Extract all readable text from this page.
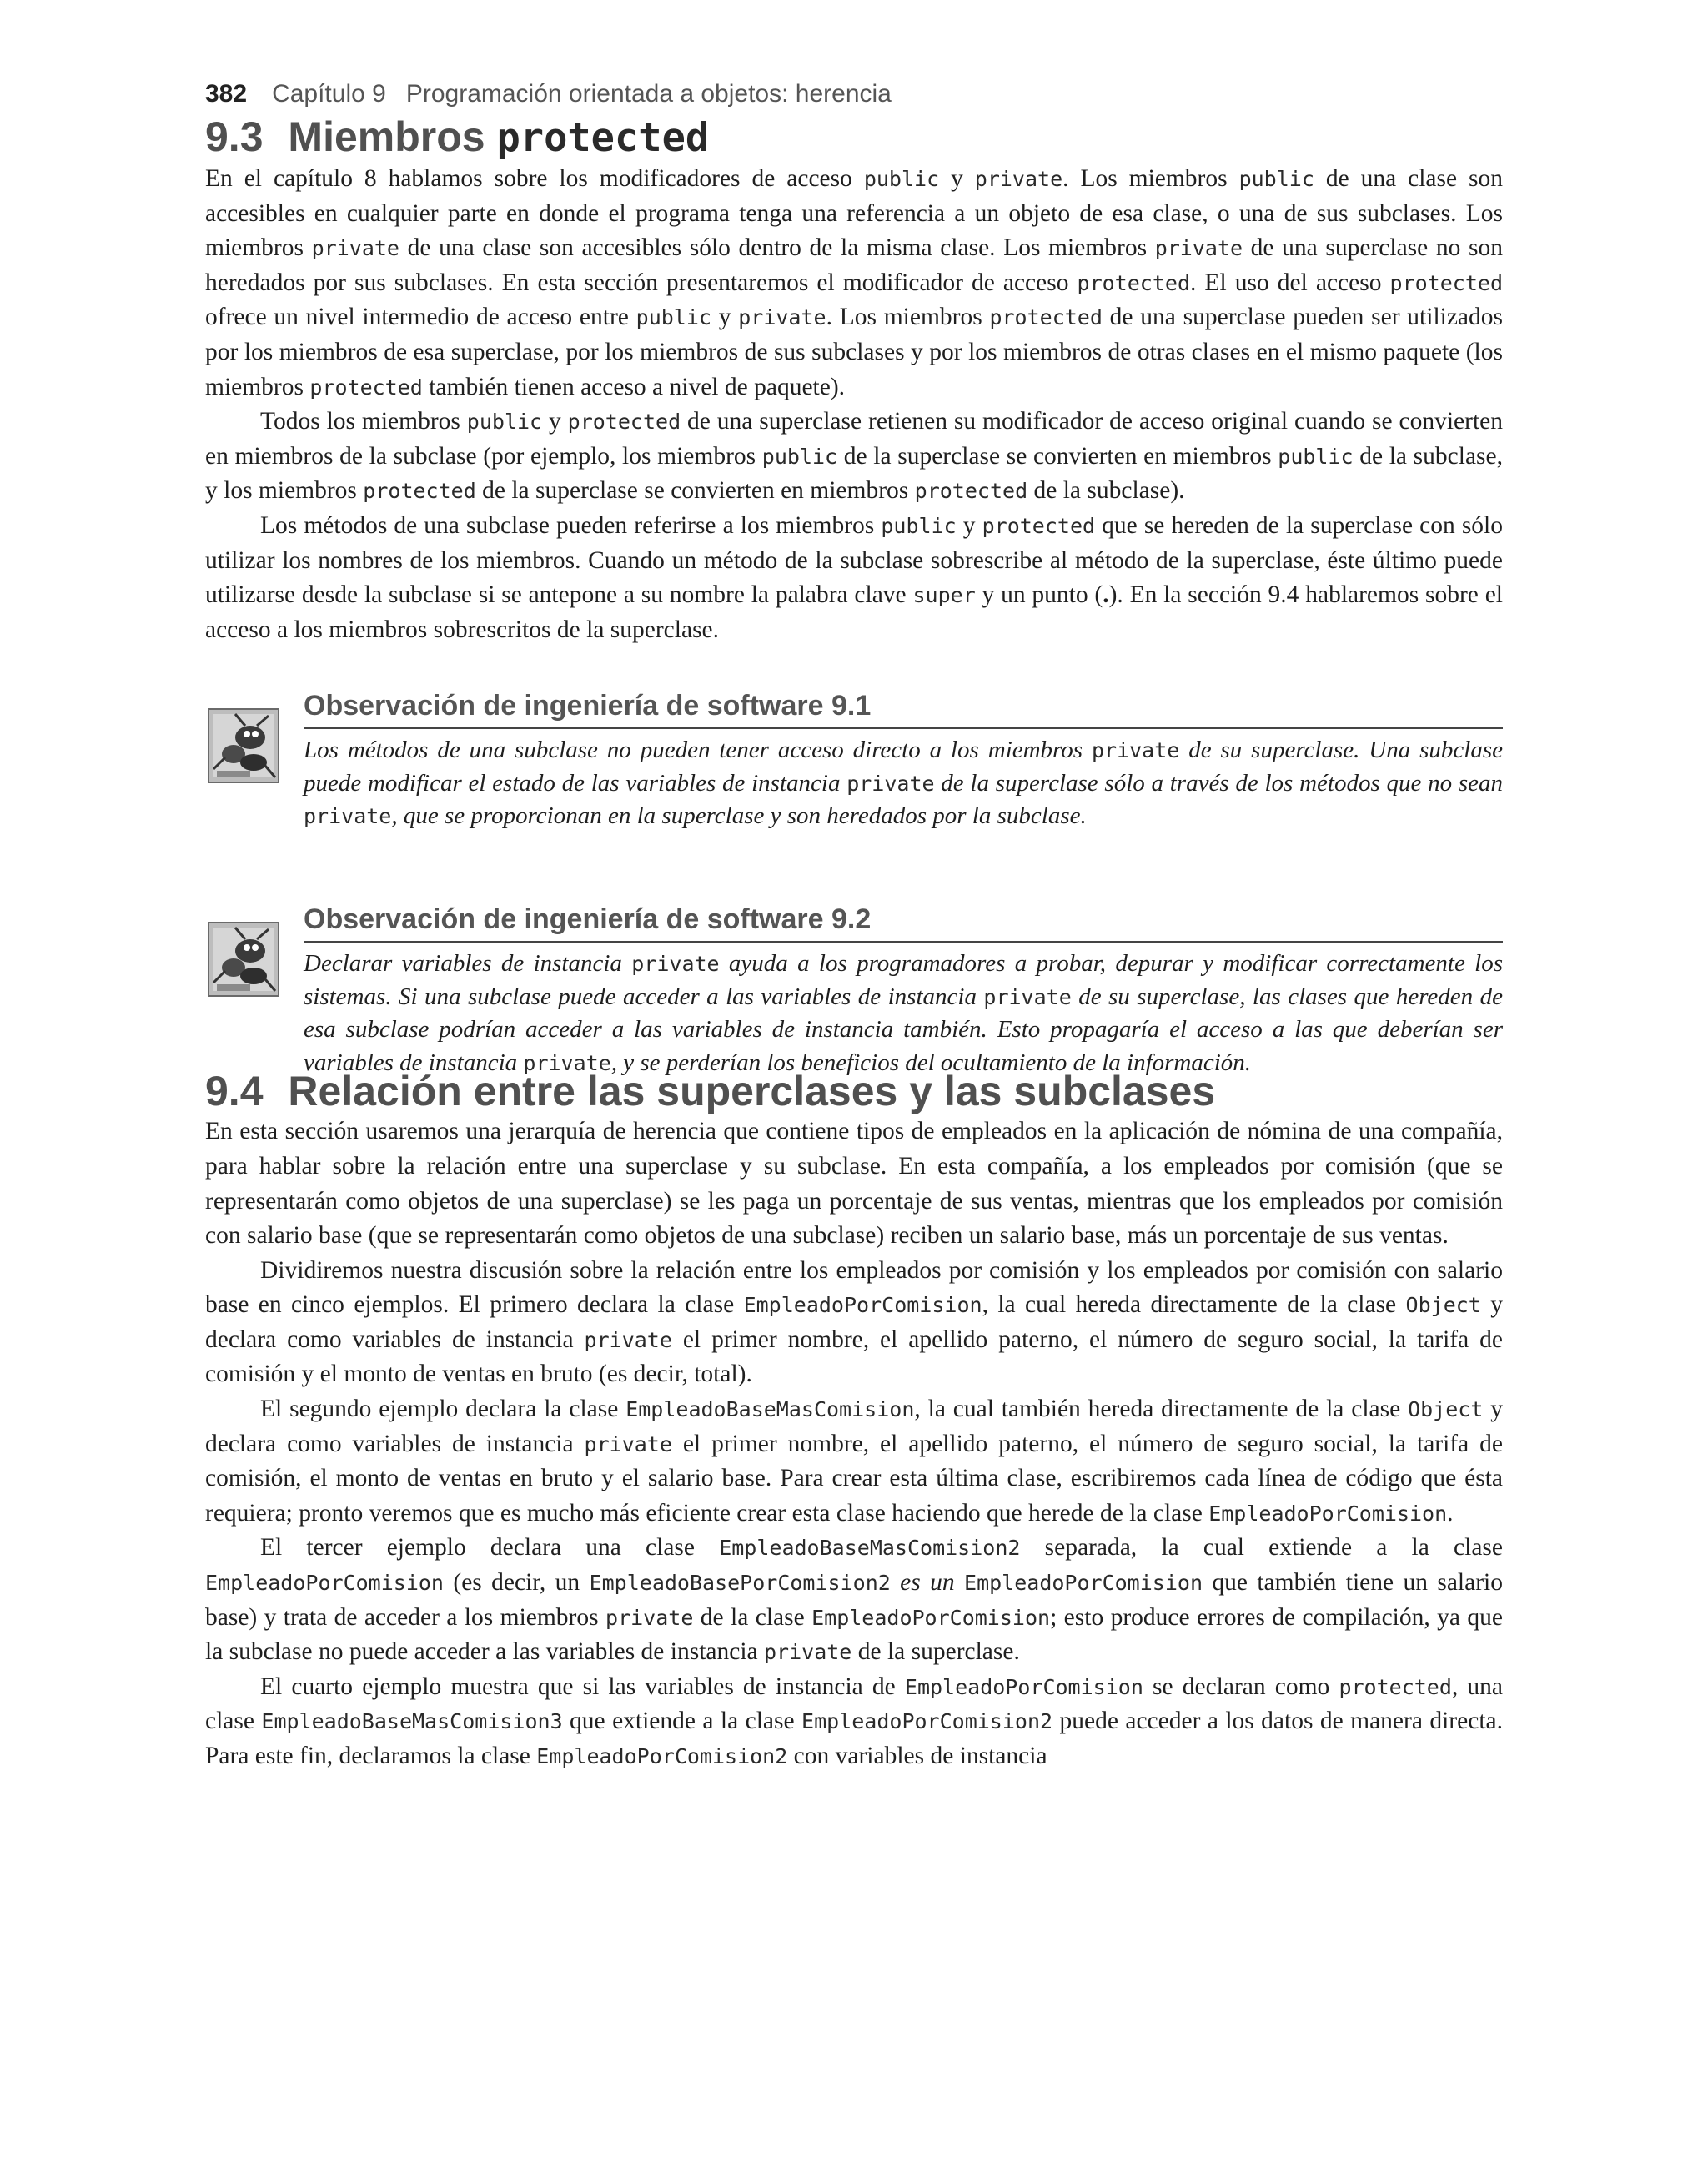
382 Capítulo 9 Programación orientada a objetos: herencia
9.3 Miembros protected

En el capítulo 8 hablamos sobre los modificadores de acceso public y private. Los miembros public de una clase son accesibles en cualquier parte en donde el programa tenga una referencia a un objeto de esa clase, o una de sus subclases. Los miembros private de una clase son accesibles sólo dentro de la misma clase. Los miembros private de una superclase no son heredados por sus subclases. En esta sección presentaremos el modificador de acceso protected. El uso del acceso protected ofrece un nivel intermedio de acceso entre public y private. Los miembros protected de una superclase pueden ser utilizados por los miembros de esa superclase, por los miembros de sus subclases y por los miembros de otras clases en el mismo paquete (los miembros protected también tienen acceso a nivel de paquete).

Todos los miembros public y protected de una superclase retienen su modificador de acceso original cuando se convierten en miembros de la subclase (por ejemplo, los miembros public de la superclase se convierten en miembros public de la subclase, y los miembros protected de la superclase se convierten en miembros protected de la subclase).

Los métodos de una subclase pueden referirse a los miembros public y protected que se hereden de la superclase con sólo utilizar los nombres de los miembros. Cuando un método de la subclase sobrescribe al método de la superclase, éste último puede utilizarse desde la subclase si se antepone a su nombre la palabra clave super y un punto (.). En la sección 9.4 hablaremos sobre el acceso a los miembros sobrescritos de la superclase.

Observación de ingeniería de software 9.1
Los métodos de una subclase no pueden tener acceso directo a los miembros private de su superclase. Una subclase puede modificar el estado de las variables de instancia private de la superclase sólo a través de los métodos que no sean private, que se proporcionan en la superclase y son heredados por la subclase.
Observación de ingeniería de software 9.2
Declarar variables de instancia private ayuda a los programadores a probar, depurar y modificar correctamente los sistemas. Si una subclase puede acceder a las variables de instancia private de su superclase, las clases que hereden de esa subclase podrían acceder a las variables de instancia también. Esto propagaría el acceso a las que deberían ser variables de instancia private, y se perderían los beneficios del ocultamiento de la información.
9.4 Relación entre las superclases y las subclases

En esta sección usaremos una jerarquía de herencia que contiene tipos de empleados en la aplicación de nómina de una compañía, para hablar sobre la relación entre una superclase y su subclase. En esta compañía, a los empleados por comisión (que se representarán como objetos de una superclase) se les paga un porcentaje de sus ventas, mientras que los empleados por comisión con salario base (que se representarán como objetos de una subclase) reciben un salario base, más un porcentaje de sus ventas.

Dividiremos nuestra discusión sobre la relación entre los empleados por comisión y los empleados por comisión con salario base en cinco ejemplos. El primero declara la clase EmpleadoPorComision, la cual hereda directamente de la clase Object y declara como variables de instancia private el primer nombre, el apellido paterno, el número de seguro social, la tarifa de comisión y el monto de ventas en bruto (es decir, total).

El segundo ejemplo declara la clase EmpleadoBaseMasComision, la cual también hereda directamente de la clase Object y declara como variables de instancia private el primer nombre, el apellido paterno, el número de seguro social, la tarifa de comisión, el monto de ventas en bruto y el salario base. Para crear esta última clase, escribiremos cada línea de código que ésta requiera; pronto veremos que es mucho más eficiente crear esta clase haciendo que herede de la clase EmpleadoPorComision.

El tercer ejemplo declara una clase EmpleadoBaseMasComision2 separada, la cual extiende a la clase EmpleadoPorComision (es decir, un EmpleadoBasePorComision2 es un EmpleadoPorComision que también tiene un salario base) y trata de acceder a los miembros private de la clase EmpleadoPorComision; esto produce errores de compilación, ya que la subclase no puede acceder a las variables de instancia private de la superclase.

El cuarto ejemplo muestra que si las variables de instancia de EmpleadoPorComision se declaran como protected, una clase EmpleadoBaseMasComision3 que extiende a la clase EmpleadoPorComision2 puede acceder a los datos de manera directa. Para este fin, declaramos la clase EmpleadoPorComision2 con variables de instancia
